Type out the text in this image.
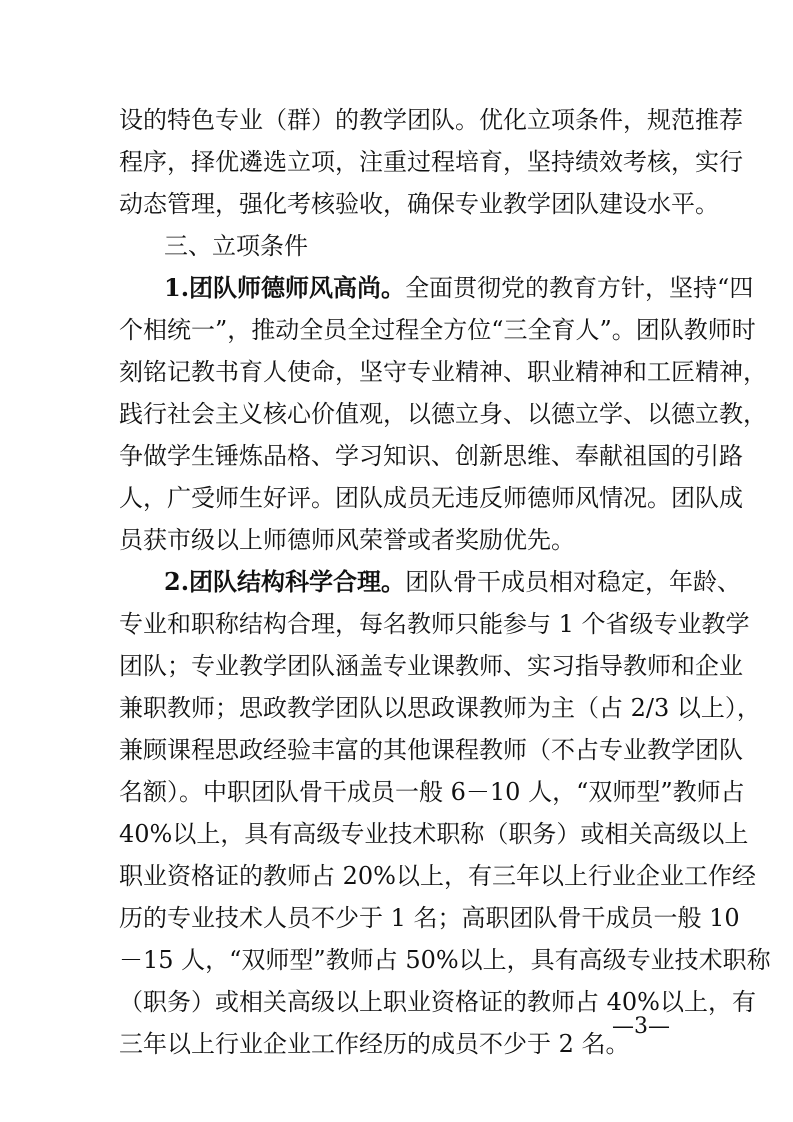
设的特色专业（群）的教学团队。优化立项条件，规范推荐
程序，择优遴选立项，注重过程培育，坚持绩效考核，实行
动态管理，强化考核验收，确保专业教学团队建设水平。
三、立项条件
1.团队师德师风高尚。全面贯彻党的教育方针，坚持“四
个相统一”，推动全员全过程全方位“三全育人”。团队教师时
刻铭记教书育人使命，坚守专业精神、职业精神和工匠精神，
践行社会主义核心价值观，以德立身、以德立学、以德立教，
争做学生锤炼品格、学习知识、创新思维、奉献祖国的引路
人，广受师生好评。团队成员无违反师德师风情况。团队成
员获市级以上师德师风荣誉或者奖励优先。
2.团队结构科学合理。团队骨干成员相对稳定，年龄、
专业和职称结构合理，每名教师只能参与 1 个省级专业教学
团队；专业教学团队涵盖专业课教师、实习指导教师和企业
兼职教师；思政教学团队以思政课教师为主（占 2/3 以上），
兼顾课程思政经验丰富的其他课程教师（不占专业教学团队
名额）。中职团队骨干成员一般 6－10 人，“双师型”教师占
40%以上，具有高级专业技术职称（职务）或相关高级以上
职业资格证的教师占 20%以上，有三年以上行业企业工作经
历的专业技术人员不少于 1 名；高职团队骨干成员一般 10
－15 人，“双师型”教师占 50%以上，具有高级专业技术职称
（职务）或相关高级以上职业资格证的教师占 40%以上，有
三年以上行业企业工作经历的成员不少于 2 名。
—3—
